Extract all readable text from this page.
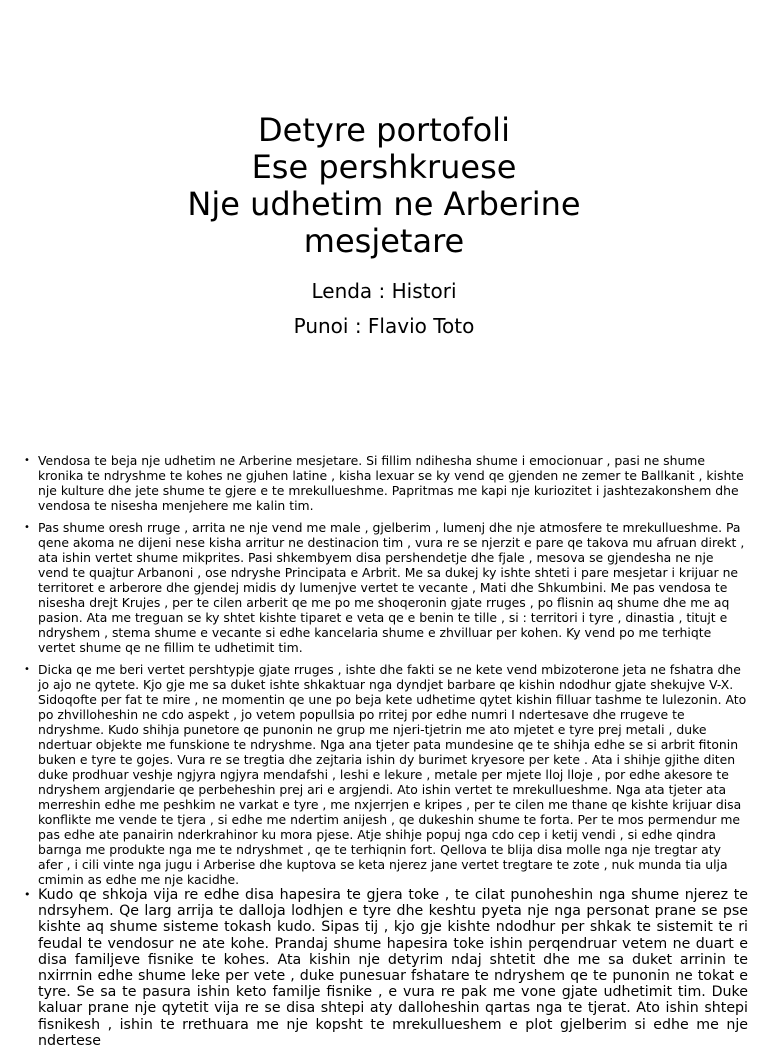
Detyre portofoli
Ese pershkruese
Nje udhetim ne Arberine
mesjetare

Lenda : Histori

Punoi : Flavio Toto

• Vendosa te beja nje udhetim ne Arberine mesjetare. Si fillim ndihesha shume i emocionuar , pasi ne shume kronika te ndryshme te kohes ne gjuhen latine , kisha lexuar se ky vend qe gjenden ne zemer te Ballkanit , kishte nje kulture dhe jete shume te gjere e te mrekullueshme. Papritmas me kapi nje kuriozitet i jashtezakonshem dhe vendosa te nisesha menjehere me kalin tim.
• Pas shume oresh rruge , arrita ne nje vend me male , gjelberim , lumenj dhe nje atmosfere te mrekullueshme. Pa qene akoma ne dijeni nese kisha arritur ne destinacion tim , vura re se njerzit e pare qe takova mu afruan direkt , ata ishin vertet shume mikprites. Pasi shkembyem disa pershendetje dhe fjale , mesova se gjendesha ne nje vend te quajtur Arbanoni , ose ndryshe Principata e Arbrit. Me sa dukej ky ishte shteti i pare mesjetar i krijuar ne territoret e arberore dhe gjendej midis dy lumenjve vertet te vecante , Mati dhe Shkumbini. Me pas vendosa te nisesha drejt Krujes , per te cilen arberit qe me po me shoqeronin gjate rruges , po flisnin aq shume dhe me aq pasion. Ata me treguan se ky shtet kishte tiparet e veta qe e benin te tille , si : territori i tyre , dinastia , titujt e ndryshem , stema shume e vecante si edhe kancelaria shume e zhvilluar per kohen. Ky vend po me terhiqte vertet shume qe ne fillim te udhetimit tim.
• Dicka qe me beri vertet pershtypje gjate rruges , ishte dhe fakti se ne kete vend mbizoterone jeta ne fshatra dhe jo ajo ne qytete. Kjo gje me sa duket ishte shkaktuar nga dyndjet barbare qe kishin ndodhur gjate shekujve V-X. Sidoqofte per fat te mire , ne momentin qe une po beja kete udhetime qytet kishin filluar tashme te lulezonin. Ato po zhvilloheshin ne cdo aspekt , jo vetem popullsia po rritej por edhe numri I ndertesave dhe rrugeve te ndryshme. Kudo shihja punetore qe punonin ne grup me njeri-tjetrin me ato mjetet e tyre prej metali , duke ndertuar objekte me funskione te ndryshme. Nga ana tjeter pata mundesine qe te shihja edhe se si arbrit fitonin buken e tyre te gojes. Vura re se tregtia dhe zejtaria ishin dy burimet kryesore per kete . Ata i shihje gjithe diten duke prodhuar veshje ngjyra ngjyra mendafshi , leshi e lekure , metale per mjete lloj lloje , por edhe akesore te ndryshem argjendarie qe perbeheshin prej ari e argjendi. Ato ishin vertet te mrekullueshme. Nga ata tjeter ata merreshin edhe me peshkim ne varkat e tyre , me nxjerrjen e kripes , per te cilen me thane qe kishte krijuar disa konflikte me vende te tjera , si edhe me ndertim anijesh , qe dukeshin shume te forta. Per te mos permendur me pas edhe ate panairin nderkrahinor ku mora pjese. Atje shihje popuj nga cdo cep i ketij vendi , si edhe qindra barnga me produkte nga me te ndryshmet , qe te terhiqnin fort. Qellova te blija disa molle nga nje tregtar aty afer , i cili vinte nga jugu i Arberise dhe kuptova se keta njerez jane vertet tregtare te zote , nuk munda tia ulja cmimin as edhe me nje kacidhe.
• Kudo qe shkoja vija re edhe disa hapesira te gjera toke , te cilat punoheshin nga shume njerez te ndrsyhem. Qe larg arrija te dalloja lodhjen e tyre dhe keshtu pyeta nje nga personat prane se pse kishte aq shume sisteme tokash kudo. Sipas tij , kjo gje kishte ndodhur per shkak te sistemit te ri feudal te vendosur ne ate kohe. Prandaj shume hapesira toke ishin perqendruar vetem ne duart e disa familjeve fisnike te kohes. Ata kishin nje detyrim ndaj shtetit dhe me sa duket arrinin te nxirrnin edhe shume leke per vete , duke punesuar fshatare te ndryshem qe te punonin ne tokat e tyre. Se sa te pasura ishin keto familje fisnike , e vura re pak me vone gjate udhetimit tim. Duke kaluar prane nje qytetit vija re se disa shtepi aty dalloheshin qartas nga te tjerat. Ato ishin shtepi fisnikesh , ishin te rrethuara me nje kopsht te mrekullueshem e plot gjelberim si edhe me nje ndertese
